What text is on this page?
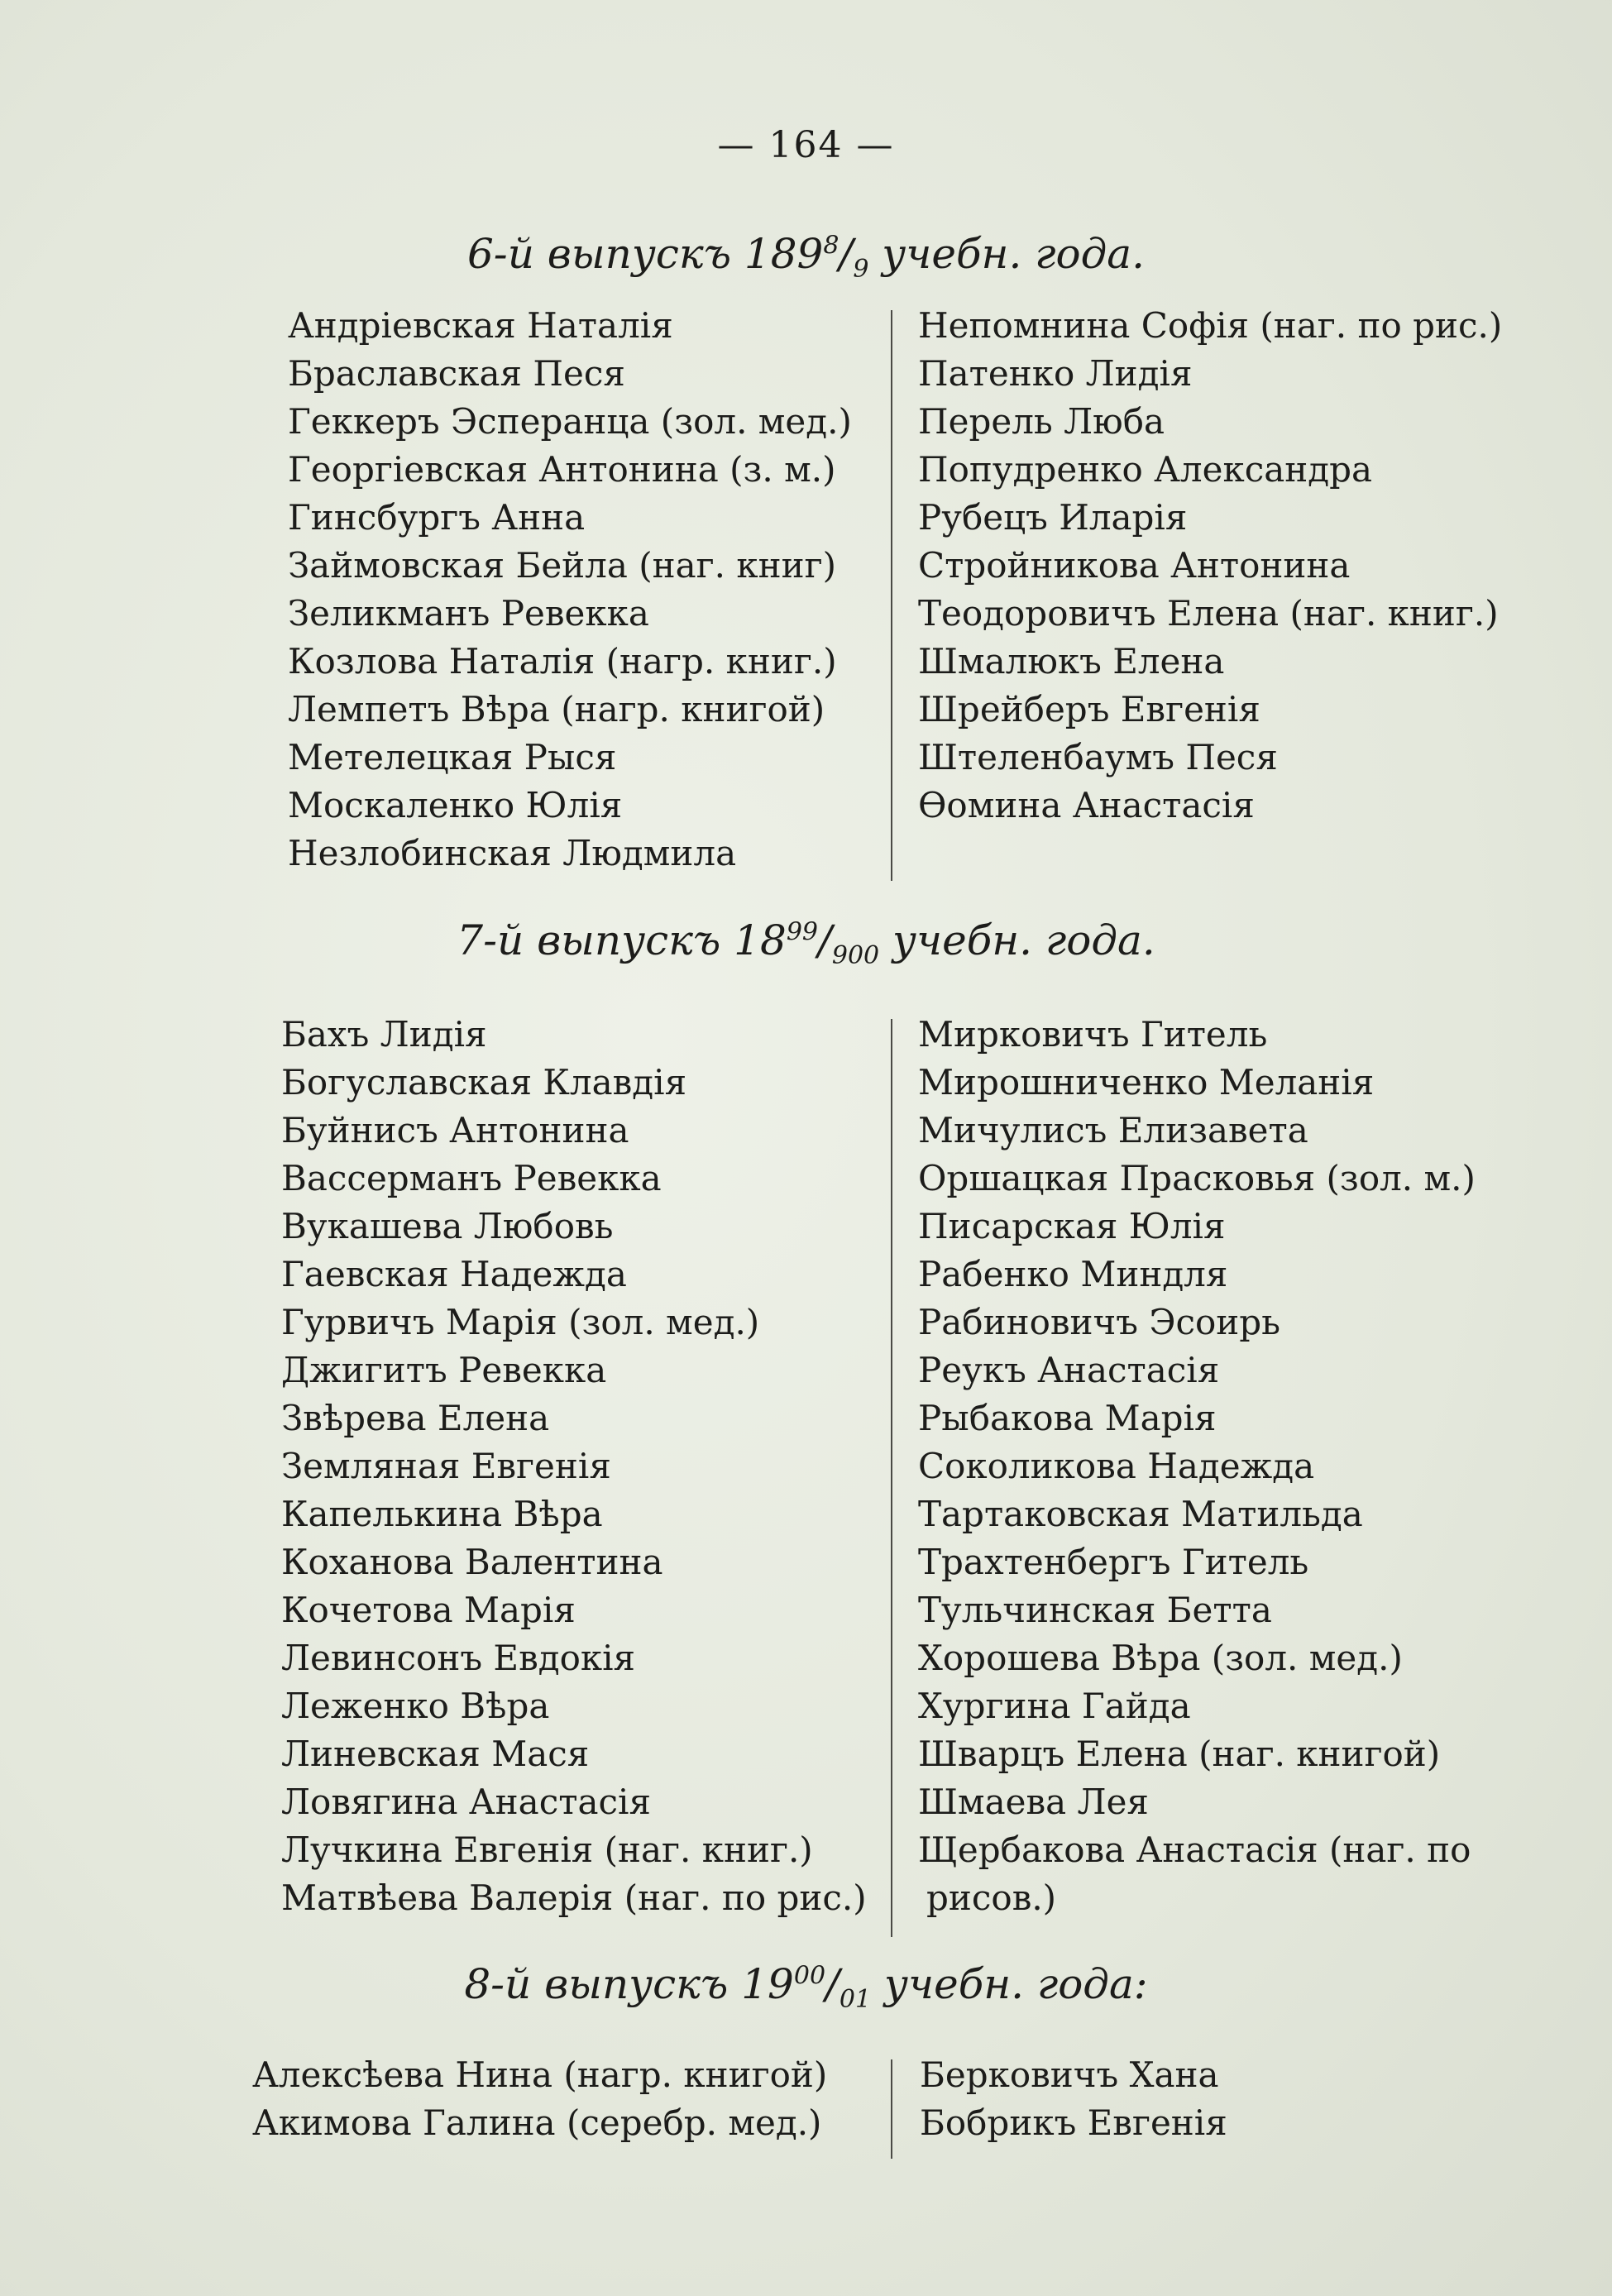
— 164 —
6-й выпускъ $189^8/_9$ учебн. года.
Андріевская Наталія
Браславская Песя
Геккеръ Эсперанца (зол. мед.)
Георгіевская Антонина (з. м.)
Гинсбургъ Анна
Займовская Бейла (наг. книг)
Зеликманъ Ревекка
Козлова Наталія (нагр. книг.)
Лемпетъ Вѣра (нагр. книгой)
Метелецкая Рыся
Москаленко Юлія
Незлобинская Людмила
Непомнина Софія (наг. по рис.)
Патенко Лидія
Перель Люба
Попудренко Александра
Рубецъ Иларія
Стройникова Антонина
Теодоровичъ Елена (наг. книг.)
Шмалюкъ Елена
Шрейберъ Евгенія
Штеленбаумъ Песя
Ѳомина Анастасія
7-й выпускъ $18^{99}/_{900}$ учебн. года.
Бахъ Лидія
Богуславская Клавдія
Буйнисъ Антонина
Вассерманъ Ревекка
Вукашева Любовь
Гаевская Надежда
Гурвичъ Марія (зол. мед.)
Джигитъ Ревекка
Звѣрева Елена
Земляная Евгенія
Капелькина Вѣра
Коханова Валентина
Кочетова Марія
Левинсонъ Евдокія
Леженко Вѣра
Линевская Мася
Ловягина Анастасія
Лучкина Евгенія (наг. книг.)
Матвѣева Валерія (наг. по рис.)
Мирковичъ Гитель
Мирошниченко Меланія
Мичулисъ Елизавета
Оршацкая Прасковья (зол. м.)
Писарская Юлія
Рабенко Миндля
Рабиновичъ Эсоирь
Реукъ Анастасія
Рыбакова Марія
Соколикова Надежда
Тартаковская Матильда
Трахтенбергъ Гитель
Тульчинская Бетта
Хорошева Вѣра (зол. мед.)
Хургина Гайда
Шварцъ Елена (наг. книгой)
Шмаева Лея
Щербакова Анастасія (наг. по
рисов.)
8-й выпускъ $19^{00}/_{01}$ учебн. года:
Алексѣева Нина (нагр. книгой)
Акимова Галина (серебр. мед.)
Берковичъ Хана
Бобрикъ Евгенія
